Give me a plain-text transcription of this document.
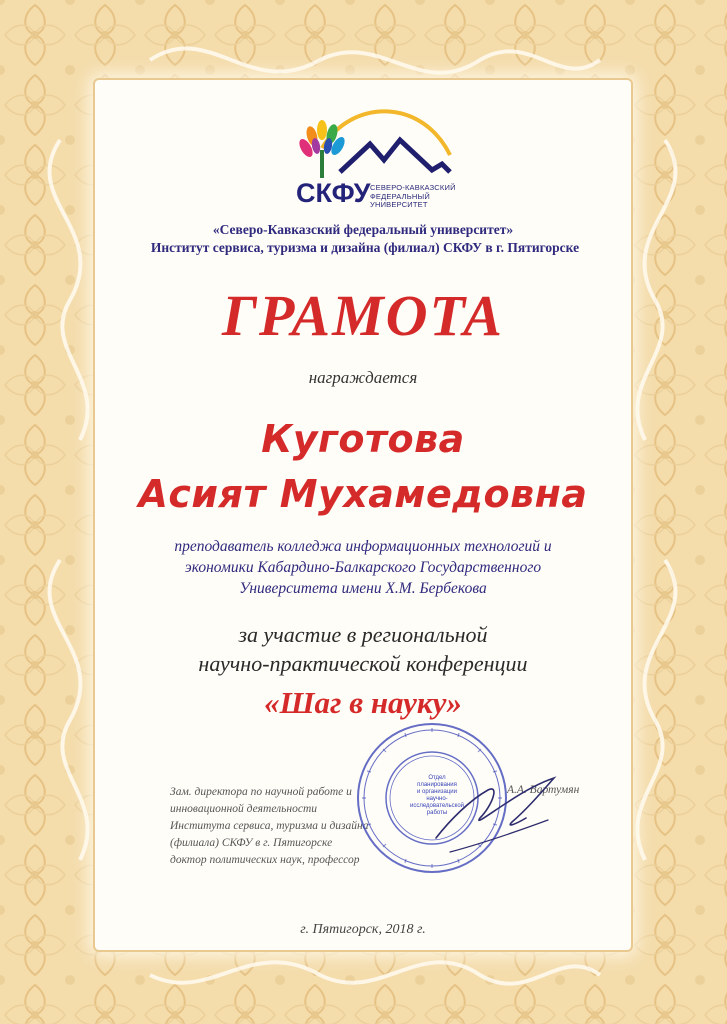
СКФУ СЕВЕРО-КАВКАЗСКИЙ
ФЕДЕРАЛЬНЫЙ
УНИВЕРСИТЕТ
«Северо-Кавказский федеральный университет»
Институт сервиса, туризма и дизайна (филиал) СКФУ в г. Пятигорске
ГРАМОТА
награждается
Куготова
Асият Мухамедовна
преподаватель колледжа информационных технологий и
экономики Кабардино-Балкарского Государственного
Университета имени Х.М. Бербекова
за участие в региональной
научно-практической конференции
«Шаг в науку»
Зам. директора по научной работе и
инновационной деятельности
Института сервиса, туризма и дизайна
(филиала) СКФУ в г. Пятигорске
доктор политических наук, профессор
А.А. Вартумян
Отдел
планирования
и организации
научно-
исследовательской
работы
г. Пятигорск, 2018 г.
